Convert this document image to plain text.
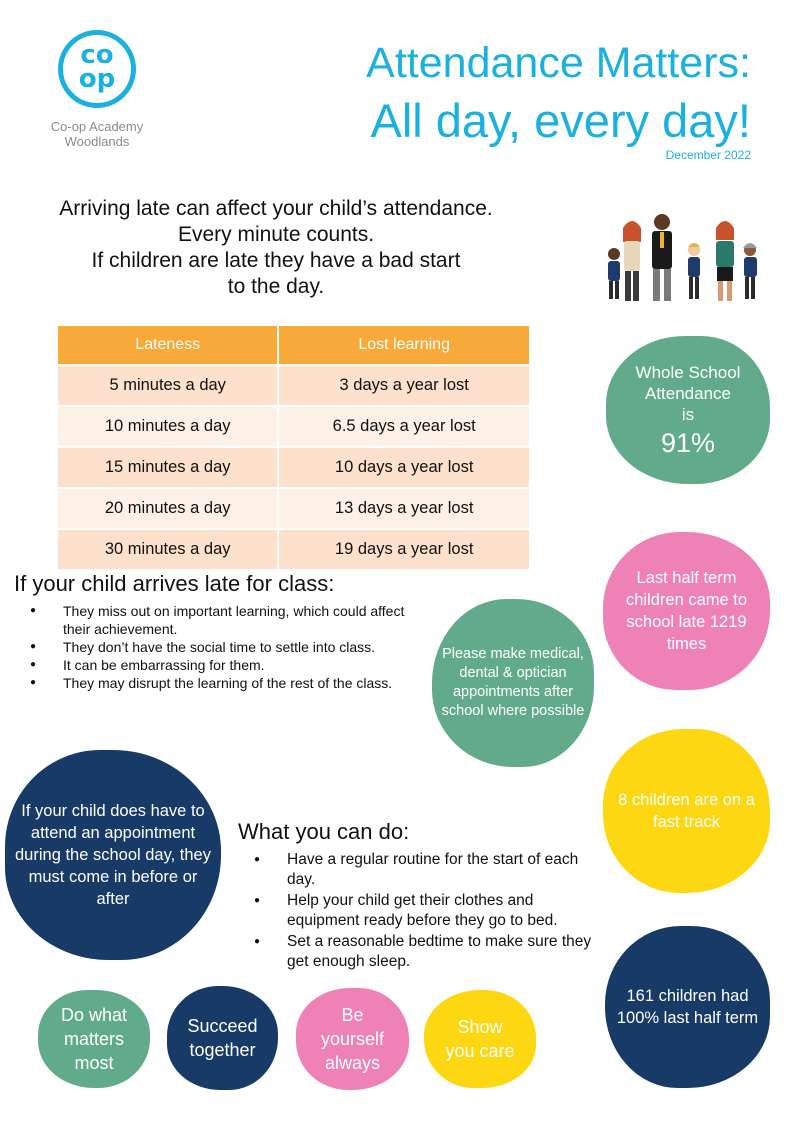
co
op
Co-op Academy
Woodlands
Attendance Matters:
All day, every day!
December 2022
Arriving late can affect your child’s attendance.
Every minute counts.
If children are late they have a bad start
to the day.
Lateness	Lost learning
5 minutes a day	3 days a year lost
10 minutes a day	6.5 days a year lost
15 minutes a day	10 days a year lost
20 minutes a day	13 days a year lost
30 minutes a day	19 days a year lost
Whole School
Attendance
is
91%
Last half term children came to school late 1219 times
Please make medical, dental & optician appointments after school where possible
8 children are on a fast track
If your child does have to attend an appointment during the school day, they must come in before or after
161 children had 100% last half term
If your child arrives late for class:
● They miss out on important learning, which could affect their achievement.
● They don’t have the social time to settle into class.
● It can be embarrassing for them.
● They may disrupt the learning of the rest of the class.
What you can do:
● Have a regular routine for the start of each day.
● Help your child get their clothes and equipment ready before they go to bed.
● Set a reasonable bedtime to make sure they get enough sleep.
Do what
matters
most
Succeed
together
Be
yourself
always
Show
you care
